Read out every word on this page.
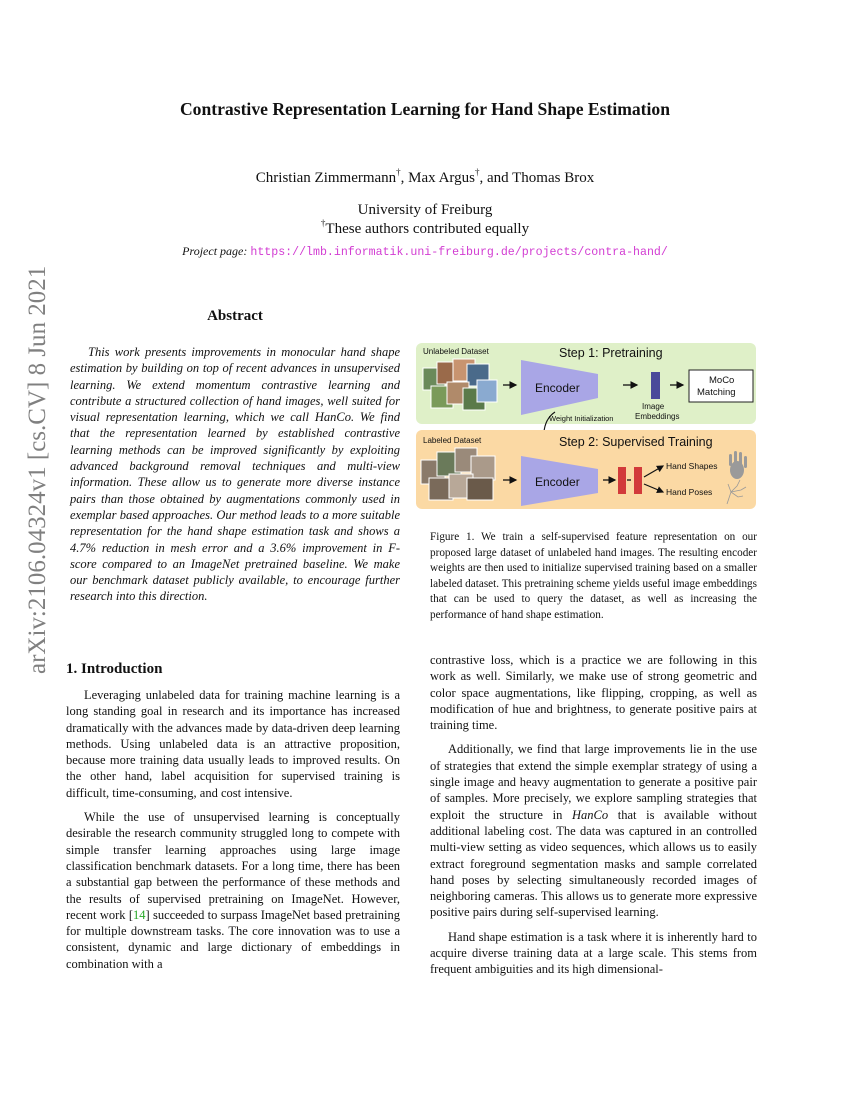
Contrastive Representation Learning for Hand Shape Estimation
Christian Zimmermann†, Max Argus†, and Thomas Brox
University of Freiburg
†These authors contributed equally
Project page: https://lmb.informatik.uni-freiburg.de/projects/contra-hand/
arXiv:2106.04324v1 [cs.CV] 8 Jun 2021	Abstract
This work presents improvements in monocular hand shape estimation by building on top of recent advances in unsupervised learning. We extend momentum contrastive learning and contribute a structured collection of hand images, well suited for visual representation learning, which we call HanCo. We find that the representation learned by established contrastive learning methods can be improved significantly by exploiting advanced background removal techniques and multi-view information. These allow us to generate more diverse instance pairs than those obtained by augmentations commonly used in exemplar based approaches. Our method leads to a more suitable representation for the hand shape estimation task and shows a 4.7% reduction in mesh error and a 3.6% improvement in F-score compared to an ImageNet pretrained baseline. We make our benchmark dataset publicly available, to encourage further research into this direction.
Step 1: Pretraining
Unlabeled Dataset
Encoder
Image
Embeddings
MoCo
Matching
Weight Initialization
Step 2: Supervised Training
Labeled Dataset
Encoder
Hand Shapes
Hand Poses
Figure 1. We train a self-supervised feature representation on our proposed large dataset of unlabeled hand images. The resulting encoder weights are then used to initialize supervised training based on a smaller labeled dataset. This pretraining scheme yields useful image embeddings that can be used to query the dataset, as well as increasing the performance of hand shape estimation.
1. Introduction

Leveraging unlabeled data for training machine learning is a long standing goal in research and its importance has increased dramatically with the advances made by data-driven deep learning methods. Using unlabeled data is an attractive proposition, because more training data usually leads to improved results. On the other hand, label acquisition for supervised training is difficult, time-consuming, and cost intensive.

While the use of unsupervised learning is conceptually desirable the research community struggled long to compete with simple transfer learning approaches using large image classification benchmark datasets. For a long time, there has been a substantial gap between the performance of these methods and the results of supervised pretraining on ImageNet. However, recent work [14] succeeded to surpass ImageNet based pretraining for multiple downstream tasks. The core innovation was to use a consistent, dynamic and large dictionary of embeddings in combination with a

contrastive loss, which is a practice we are following in this work as well. Similarly, we make use of strong geometric and color space augmentations, like flipping, cropping, as well as modification of hue and brightness, to generate positive pairs at training time.

Additionally, we find that large improvements lie in the use of strategies that extend the simple exemplar strategy of using a single image and heavy augmentation to generate a positive pair of samples. More precisely, we explore sampling strategies that exploit the structure in HanCo that is available without additional labeling cost. The data was captured in an controlled multi-view setting as video sequences, which allows us to easily extract foreground segmentation masks and sample correlated hand poses by selecting simultaneously recorded images of neighboring cameras. This allows us to generate more expressive positive pairs during self-supervised learning.

Hand shape estimation is a task where it is inherently hard to acquire diverse training data at a large scale. This stems from frequent ambiguities and its high dimensional-
